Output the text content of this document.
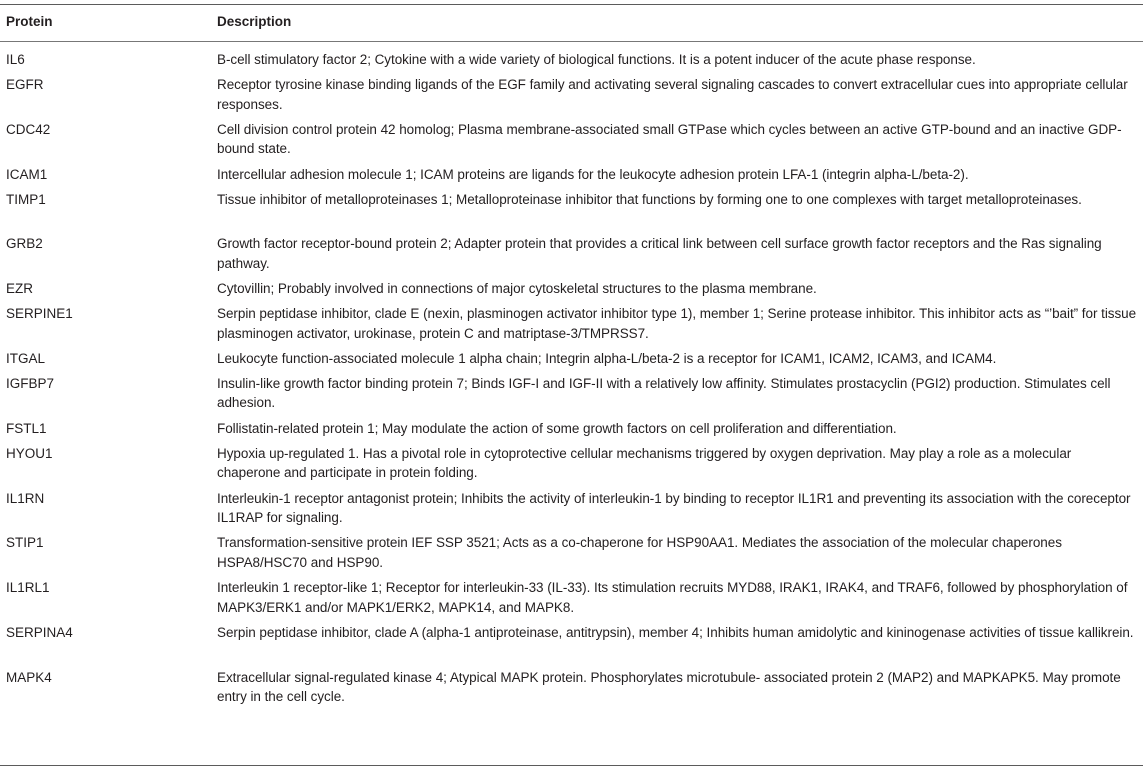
Protein	Description
IL6	B-cell stimulatory factor 2; Cytokine with a wide variety of biological functions. It is a potent inducer of the acute phase response.
EGFR	Receptor tyrosine kinase binding ligands of the EGF family and activating several signaling cascades to convert extracellular cues into appropriate cellular responses.
CDC42	Cell division control protein 42 homolog; Plasma membrane-associated small GTPase which cycles between an active GTP-bound and an inactive GDP-bound state.
ICAM1	Intercellular adhesion molecule 1; ICAM proteins are ligands for the leukocyte adhesion protein LFA-1 (integrin alpha-L/beta-2).
TIMP1	Tissue inhibitor of metalloproteinases 1; Metalloproteinase inhibitor that functions by forming one to one complexes with target metalloproteinases.
GRB2	Growth factor receptor-bound protein 2; Adapter protein that provides a critical link between cell surface growth factor receptors and the Ras signaling pathway.
EZR	Cytovillin; Probably involved in connections of major cytoskeletal structures to the plasma membrane.
SERPINE1	Serpin peptidase inhibitor, clade E (nexin, plasminogen activator inhibitor type 1), member 1; Serine protease inhibitor. This inhibitor acts as “’bait” for tissue plasminogen activator, urokinase, protein C and matriptase-3/TMPRSS7.
ITGAL	Leukocyte function-associated molecule 1 alpha chain; Integrin alpha-L/beta-2 is a receptor for ICAM1, ICAM2, ICAM3, and ICAM4.
IGFBP7	Insulin-like growth factor binding protein 7; Binds IGF-I and IGF-II with a relatively low affinity. Stimulates prostacyclin (PGI2) production. Stimulates cell adhesion.
FSTL1	Follistatin-related protein 1; May modulate the action of some growth factors on cell proliferation and differentiation.
HYOU1	Hypoxia up-regulated 1. Has a pivotal role in cytoprotective cellular mechanisms triggered by oxygen deprivation. May play a role as a molecular chaperone and participate in protein folding.
IL1RN	Interleukin-1 receptor antagonist protein; Inhibits the activity of interleukin-1 by binding to receptor IL1R1 and preventing its association with the coreceptor IL1RAP for signaling.
STIP1	Transformation-sensitive protein IEF SSP 3521; Acts as a co-chaperone for HSP90AA1. Mediates the association of the molecular chaperones HSPA8/HSC70 and HSP90.
IL1RL1	Interleukin 1 receptor-like 1; Receptor for interleukin-33 (IL-33). Its stimulation recruits MYD88, IRAK1, IRAK4, and TRAF6, followed by phosphorylation of MAPK3/ERK1 and/or MAPK1/ERK2, MAPK14, and MAPK8.
SERPINA4	Serpin peptidase inhibitor, clade A (alpha-1 antiproteinase, antitrypsin), member 4; Inhibits human amidolytic and kininogenase activities of tissue kallikrein.
MAPK4	Extracellular signal-regulated kinase 4; Atypical MAPK protein. Phosphorylates microtubule- associated protein 2 (MAP2) and MAPKAPK5. May promote entry in the cell cycle.
